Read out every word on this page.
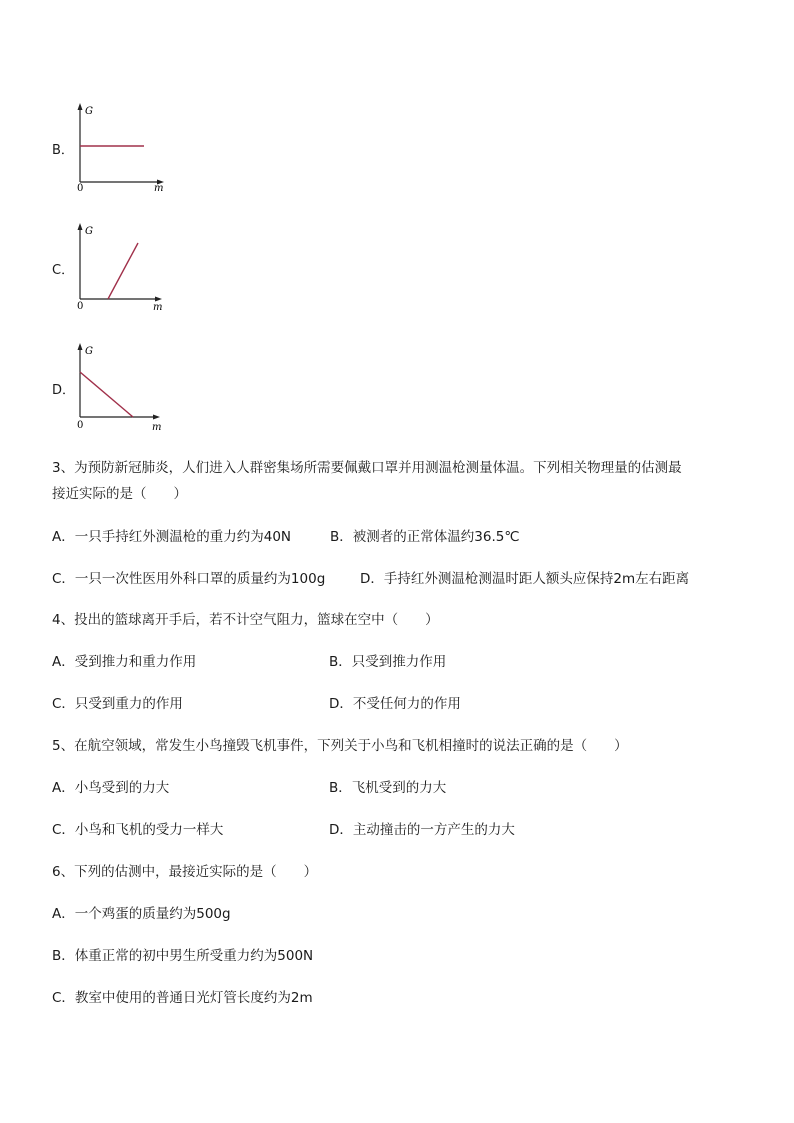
B．
G
m
0
C．
G
m
0
D．
G
m
0
3、为预防新冠肺炎，人们进入人群密集场所需要佩戴口罩并用测温枪测量体温。下列相关物理量的估测最
接近实际的是（　　）
A．一只手持红外测温枪的重力约为40N	B．被测者的正常体温约36.5℃
C．一只一次性医用外科口罩的质量约为100g	D．手持红外测温枪测温时距人额头应保持2m左右距离
4、投出的篮球离开手后，若不计空气阻力，篮球在空中（　　）
A．受到推力和重力作用	B．只受到推力作用
C．只受到重力的作用	D．不受任何力的作用
5、在航空领域，常发生小鸟撞毁飞机事件，下列关于小鸟和飞机相撞时的说法正确的是（　　）
A．小鸟受到的力大	B．飞机受到的力大
C．小鸟和飞机的受力一样大	D．主动撞击的一方产生的力大
6、下列的估测中，最接近实际的是（　　）
A．一个鸡蛋的质量约为500g
B．体重正常的初中男生所受重力约为500N
C．教室中使用的普通日光灯管长度约为2m
